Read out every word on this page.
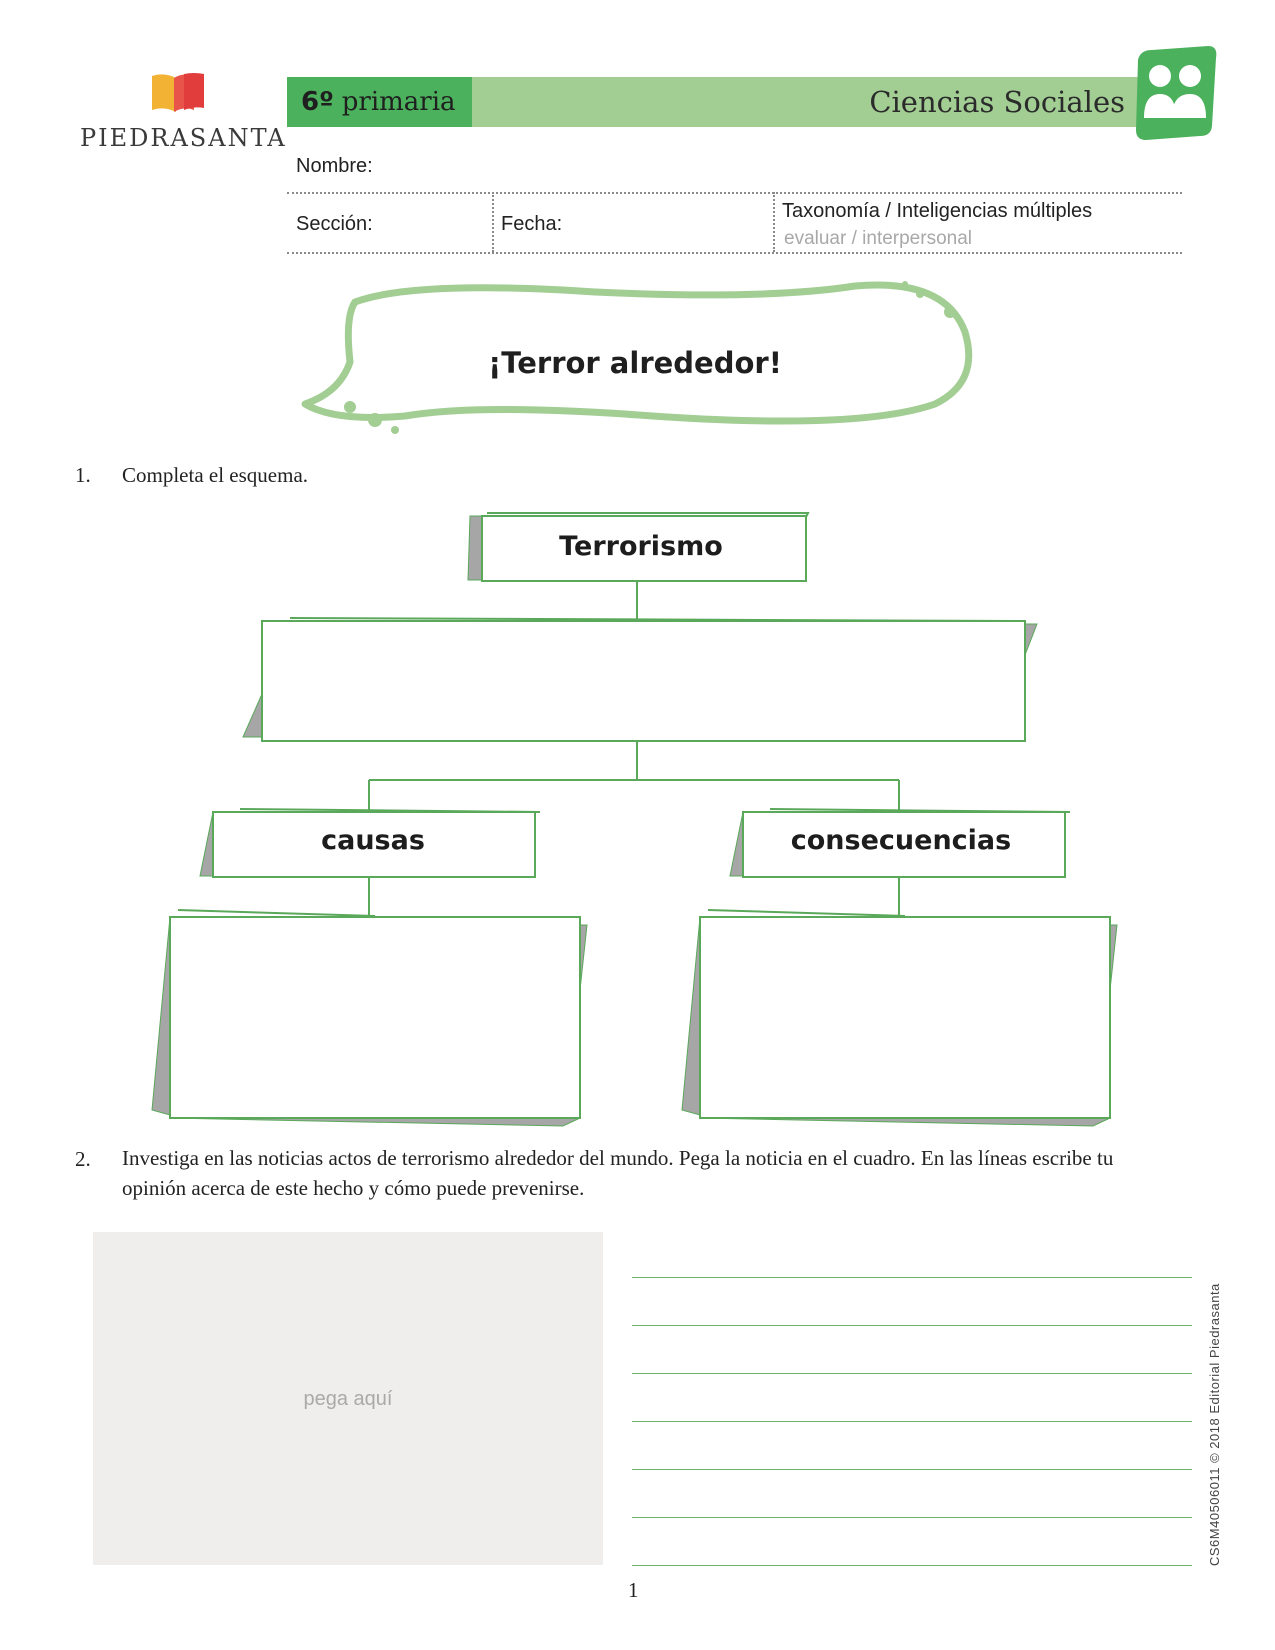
PIEDRASANTA
6º primaria	Ciencias Sociales
Nombre:
Sección:	Fecha:
Taxonomía / Inteligencias múltiples
evaluar / interpersonal
¡Terror alrededor!
1. Completa el esquema.
Terrorismo
causas	consecuencias
2. Investiga en las noticias actos de terrorismo alrededor del mundo. Pega la noticia en el cuadro. En las líneas escribe tu opinión acerca de este hecho y cómo puede prevenirse.
pega aquí	CS6M40506011 © 2018 Editorial Piedrasanta
1
